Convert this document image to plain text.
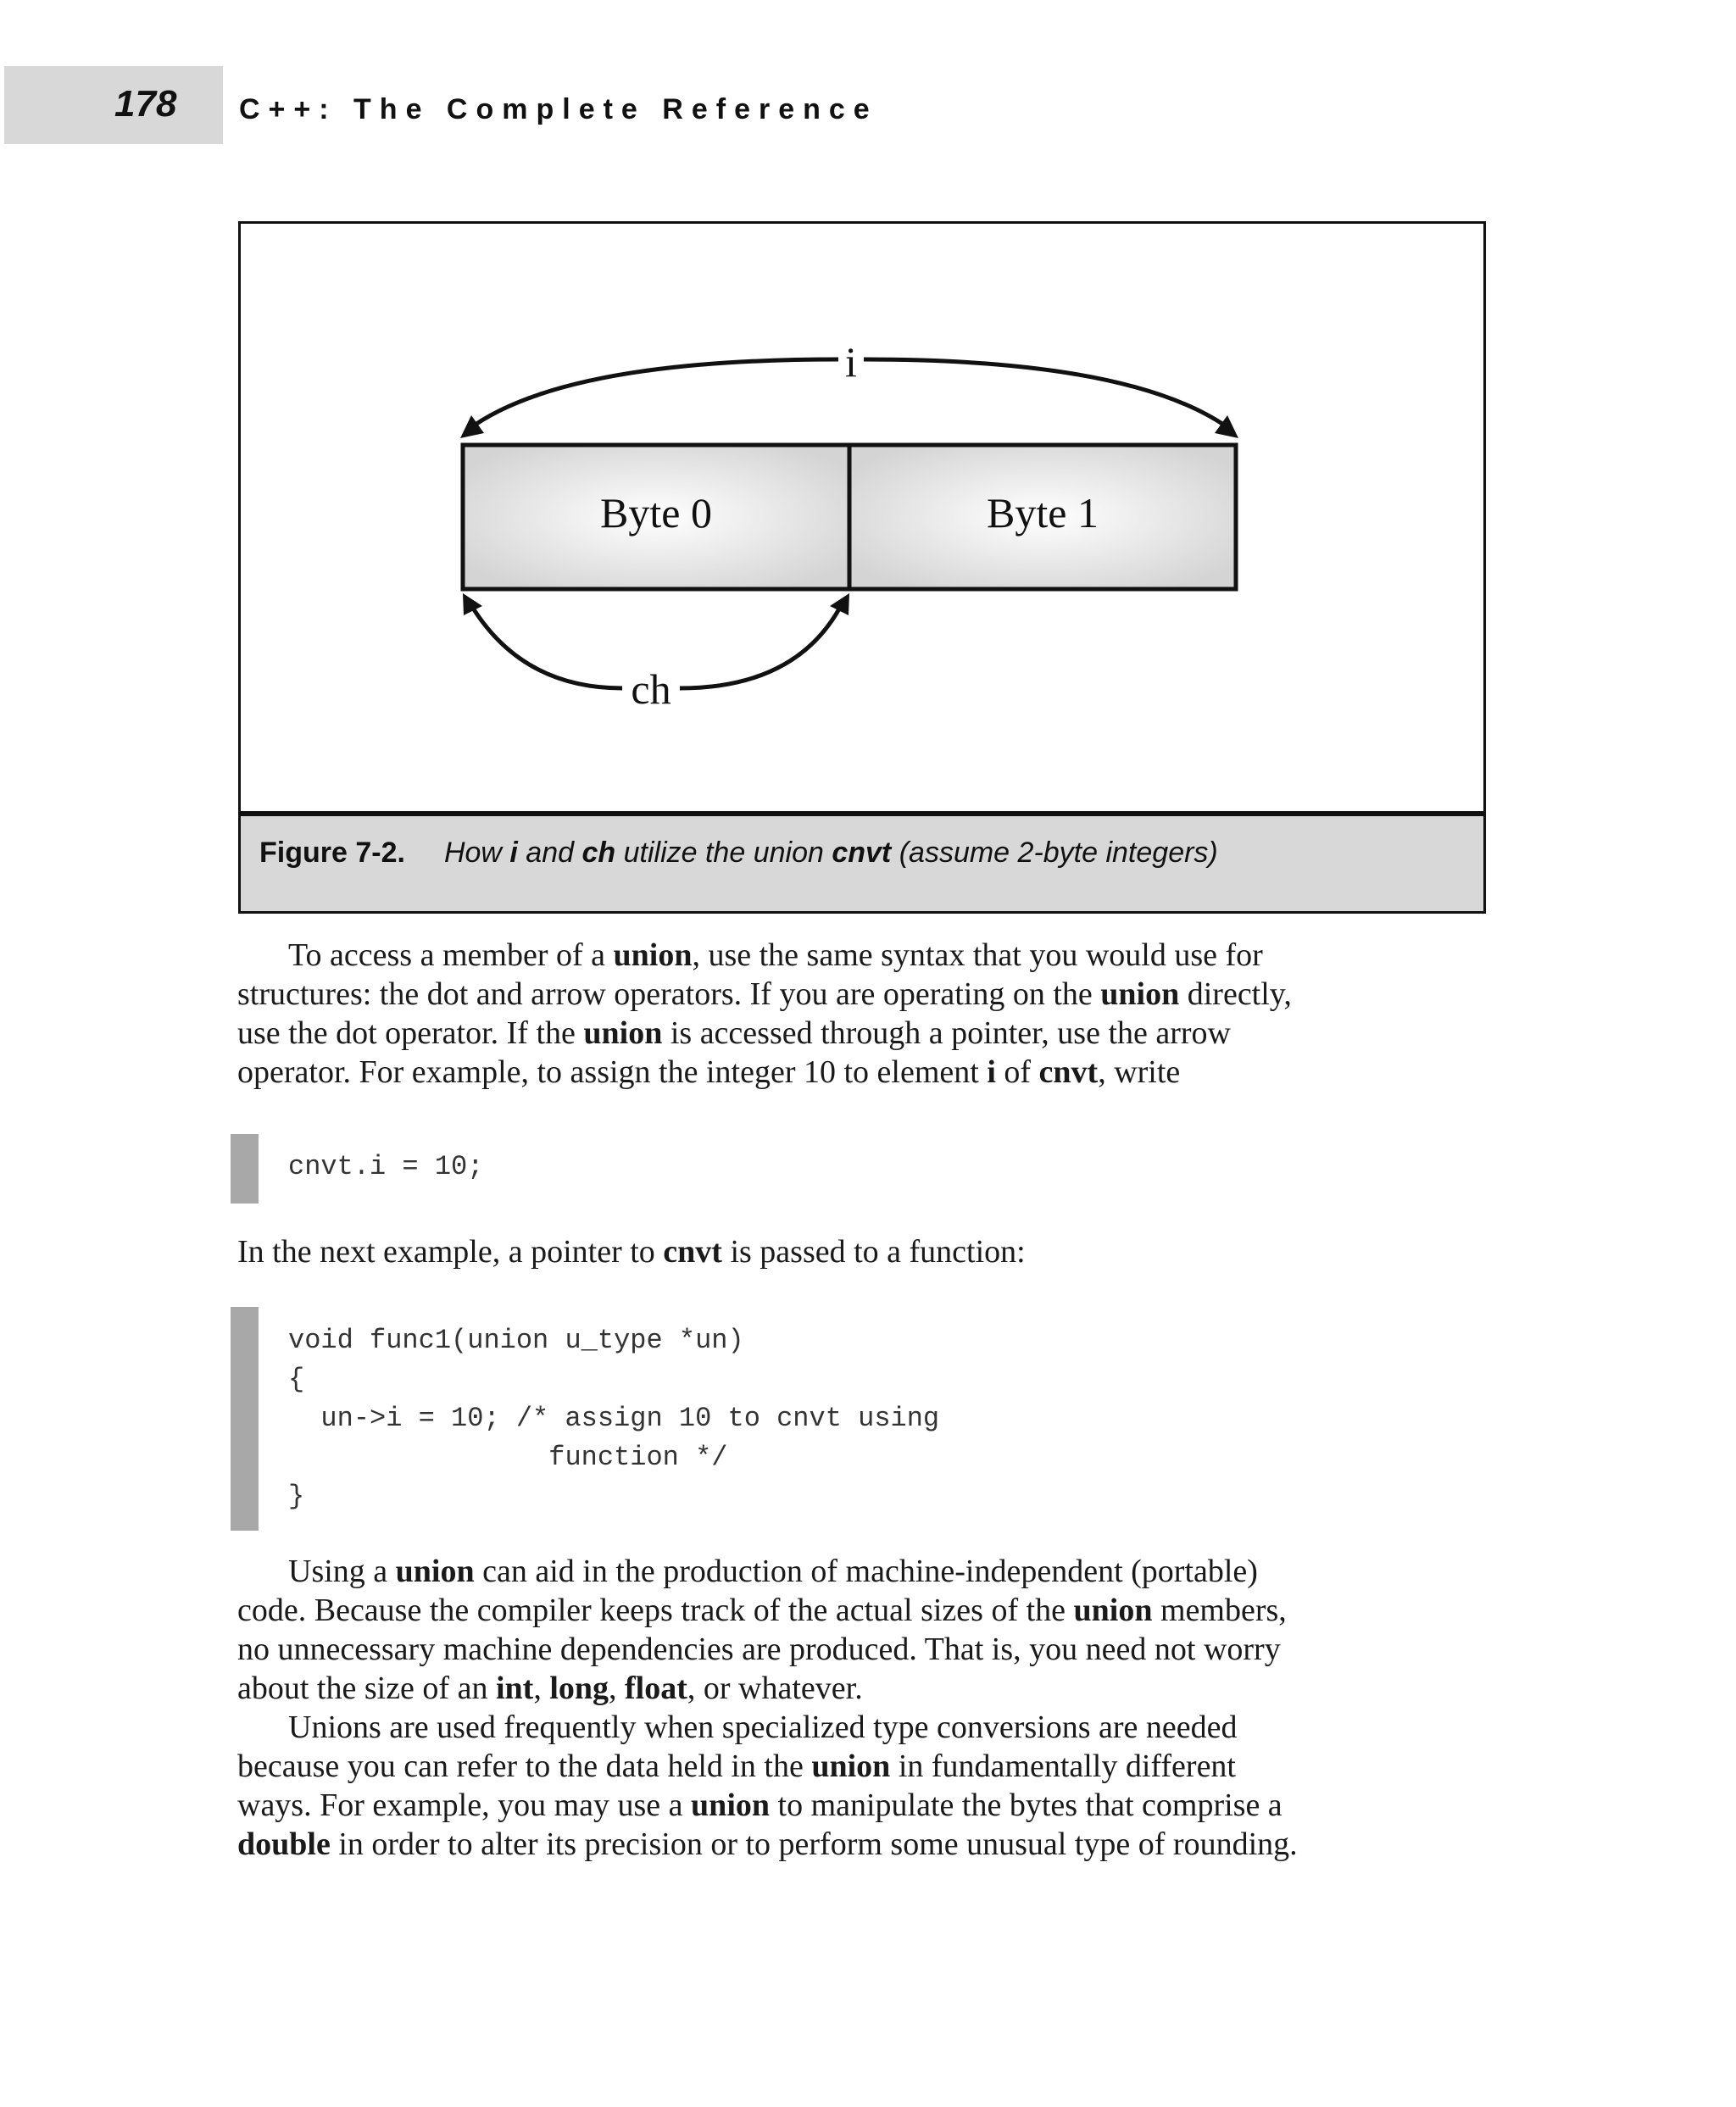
178 C++: The Complete Reference
Byte 0	Byte 1
i
ch
Figure 7-2. How i and ch utilize the union cnvt (assume 2-byte integers)
To access a member of a union, use the same syntax that you would use for
structures: the dot and arrow operators. If you are operating on the union directly,
use the dot operator. If the union is accessed through a pointer, use the arrow
operator. For example, to assign the integer 10 to element i of cnvt, write
cnvt.i = 10;
In the next example, a pointer to cnvt is passed to a function:
void func1(union u_type *un)
{
un->i = 10; /* assign 10 to cnvt using
function */
}
Using a union can aid in the production of machine-independent (portable)
code. Because the compiler keeps track of the actual sizes of the union members,
no unnecessary machine dependencies are produced. That is, you need not worry
about the size of an int, long, float, or whatever.
Unions are used frequently when specialized type conversions are needed
because you can refer to the data held in the union in fundamentally different
ways. For example, you may use a union to manipulate the bytes that comprise a
double in order to alter its precision or to perform some unusual type of rounding.
